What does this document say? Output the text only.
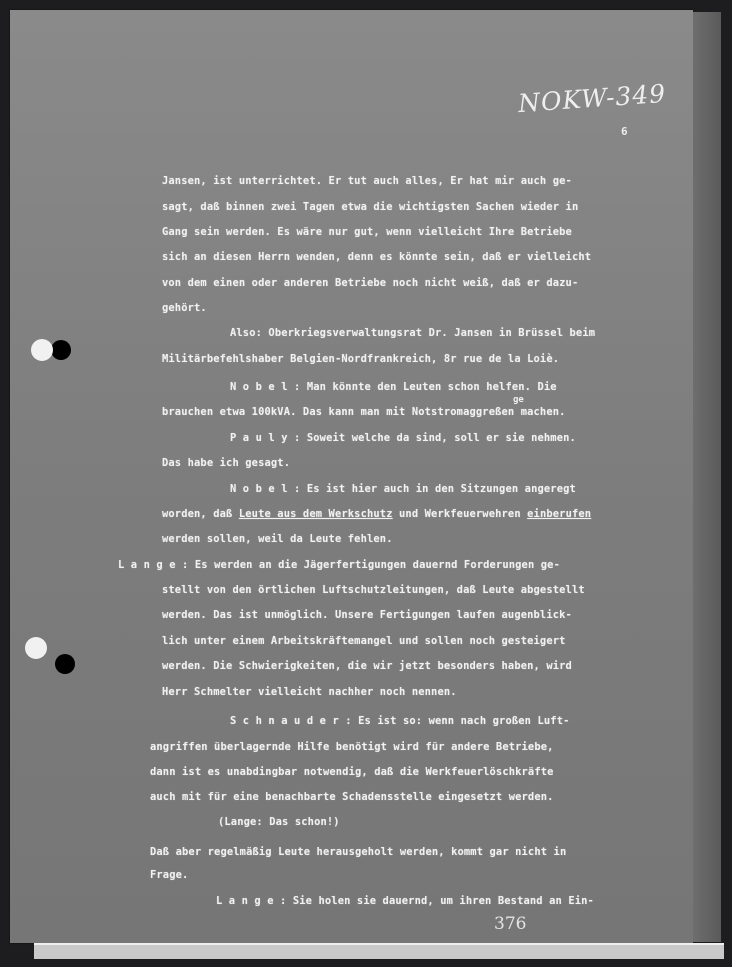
NOKW-349
6
Jansen, ist unterrichtet. Er tut auch alles, Er hat mir auch ge-
sagt, daß binnen zwei Tagen etwa die wichtigsten Sachen wieder in
Gang sein werden. Es wäre nur gut, wenn vielleicht Ihre Betriebe
sich an diesen Herrn wenden, denn es könnte sein, daß er vielleicht
von dem einen oder anderen Betriebe noch nicht weiß, daß er dazu-
gehört.
Also: Oberkriegsverwaltungsrat Dr. Jansen in Brüssel beim
Militärbefehlshaber Belgien-Nordfrankreich, 8r rue de la Loiè.
N o b e l : Man könnte den Leuten schon helfen. Die
ge
brauchen etwa 100kVA. Das kann man mit Notstromaggreßen machen.
P a u l y : Soweit welche da sind, soll er sie nehmen.
Das habe ich gesagt.
N o b e l : Es ist hier auch in den Sitzungen angeregt
worden, daß Leute aus dem Werkschutz und Werkfeuerwehren einberufen
werden sollen, weil da Leute fehlen.
L a n g e : Es werden an die Jägerfertigungen dauernd Forderungen ge-
stellt von den örtlichen Luftschutzleitungen, daß Leute abgestellt
werden. Das ist unmöglich. Unsere Fertigungen laufen augenblick-
lich unter einem Arbeitskräftemangel und sollen noch gesteigert
werden. Die Schwierigkeiten, die wir jetzt besonders haben, wird
Herr Schmelter vielleicht nachher noch nennen.
S c h n a u d e r : Es ist so: wenn nach großen Luft-
angriffen überlagernde Hilfe benötigt wird für andere Betriebe,
dann ist es unabdingbar notwendig, daß die Werkfeuerlöschkräfte
auch mit für eine benachbarte Schadensstelle eingesetzt werden.
(Lange: Das schon!)
Daß aber regelmäßig Leute herausgeholt werden, kommt gar nicht in
Frage.
L a n g e : Sie holen sie dauernd, um ihren Bestand an Ein-
376
